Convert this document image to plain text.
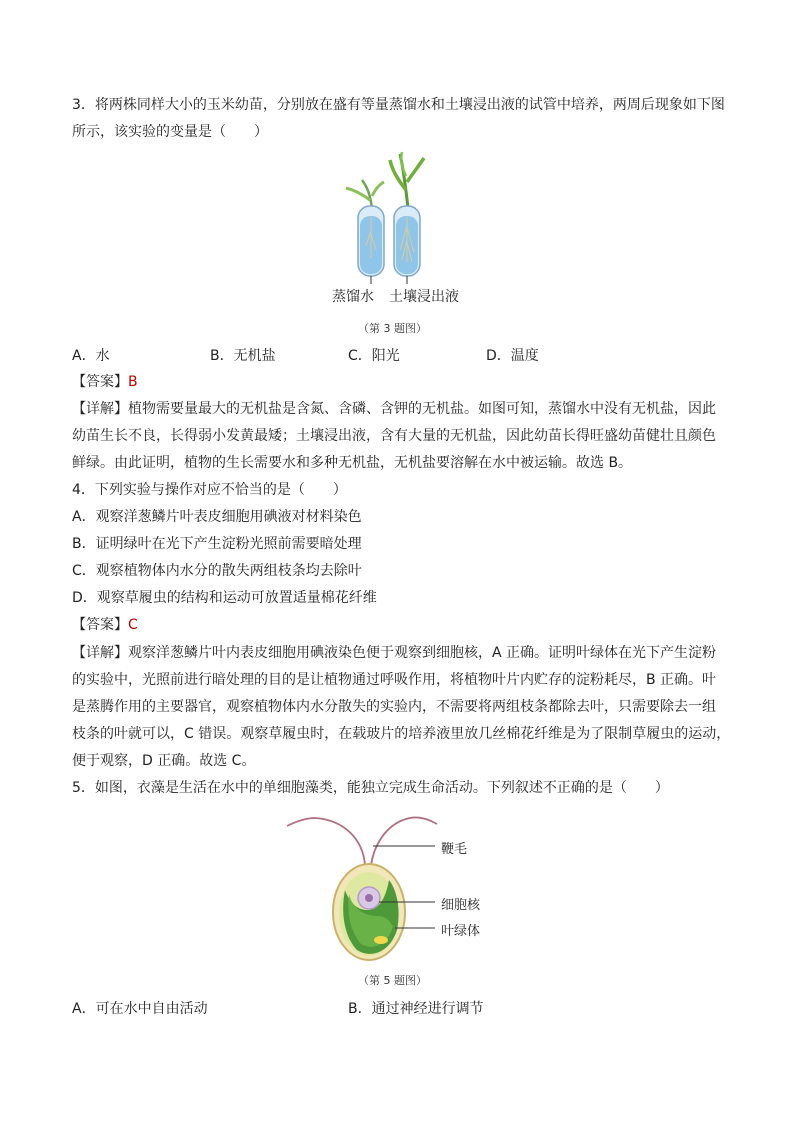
3．将两株同样大小的玉米幼苗，分别放在盛有等量蒸馏水和土壤浸出液的试管中培养，两周后现象如下图
所示，该实验的变量是（　　）
蒸馏水 土壤浸出液
（第 3 题图）
A．水	B．无机盐	C．阳光	D．温度
【答案】B
【详解】植物需要量最大的无机盐是含氮、含磷、含钾的无机盐。如图可知，蒸馏水中没有无机盐，因此
幼苗生长不良，长得弱小发黄最矮；土壤浸出液，含有大量的无机盐，因此幼苗长得旺盛幼苗健壮且颜色
鲜绿。由此证明，植物的生长需要水和多种无机盐，无机盐要溶解在水中被运输。故选 B。
4．下列实验与操作对应不恰当的是（　　）
A．观察洋葱鳞片叶表皮细胞用碘液对材料染色
B．证明绿叶在光下产生淀粉光照前需要暗处理
C．观察植物体内水分的散失两组枝条均去除叶
D．观察草履虫的结构和运动可放置适量棉花纤维
【答案】C
【详解】观察洋葱鳞片叶内表皮细胞用碘液染色便于观察到细胞核，A 正确。证明叶绿体在光下产生淀粉
的实验中，光照前进行暗处理的目的是让植物通过呼吸作用，将植物叶片内贮存的淀粉耗尽，B 正确。叶
是蒸腾作用的主要器官，观察植物体内水分散失的实验内，不需要将两组枝条都除去叶，只需要除去一组
枝条的叶就可以，C 错误。观察草履虫时，在载玻片的培养液里放几丝棉花纤维是为了限制草履虫的运动，
便于观察，D 正确。故选 C。
5．如图，衣藻是生活在水中的单细胞藻类，能独立完成生命活动。下列叙述不正确的是（　　）
鞭毛
细胞核
叶绿体
（第 5 题图）
A．可在水中自由活动	B．通过神经进行调节
